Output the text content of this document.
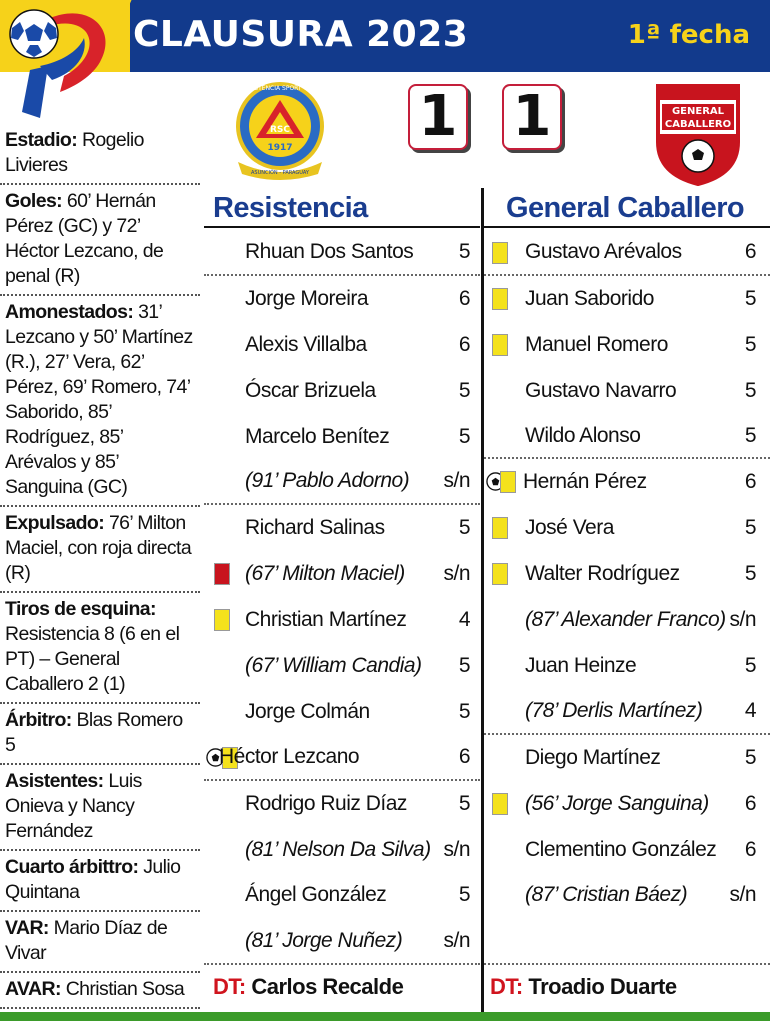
CLAUSURA 2023	1ª fecha
Estadio: Rogelio Livieres
Goles: 60’ Hernán Pérez (GC) y 72’ Héctor Lezcano, de penal (R)
Amonestados: 31’ Lezcano y 50’ Martínez (R.), 27’ Vera, 62’ Pérez, 69’ Romero, 74’ Saborido, 85’ Rodríguez, 85’ Arévalos y 85’ Sanguina (GC)
Expulsado: 76’ Milton Maciel, con roja directa (R)
Tiros de esquina: Resistencia 8 (6 en el PT) – General Caballero 2 (1)
Árbitro: Blas Romero 5
Asistentes: Luis Onieva y Nancy Fernández
Cuarto árbittro: Julio Quintana
VAR: Mario Díaz de Vivar
AVAR: Christian Sosa
RESISTENCIA SPORT CLUB
RSC
1917
ASUNCIÓN - PARAGUAY
1 1	GENERAL
CABALLERO
Resistencia	General Caballero
Rhuan Dos Santos 5
Jorge Moreira	6
Alexis Villalba	6
Óscar Brizuela	5
Marcelo Benítez	5
(91’ Pablo Adorno) s/n
Richard Salinas	5
(67’ Milton Maciel) s/n
Christian Martínez 4
(67’ William Candia) 5
Jorge Colmán	5
Héctor Lezcano	6
Rodrigo Ruiz Díaz 5
(81’ Nelson Da Silva) s/n
Ángel González	5
(81’ Jorge Nuñez) s/n
Gustavo Arévalos	6
Juan Saborido	5
Manuel Romero	5
Gustavo Navarro	5
Wildo Alonso	5
Hernán Pérez	6
José Vera	5
Walter Rodríguez	5
(87’ Alexander Franco) s/n
Juan Heinze	5
(78’ Derlis Martínez) 4
Diego Martínez	5
(56’ Jorge Sanguina) 6
Clementino González 6
(87’ Cristian Báez) s/n
DT: Carlos Recalde	DT: Troadio Duarte
